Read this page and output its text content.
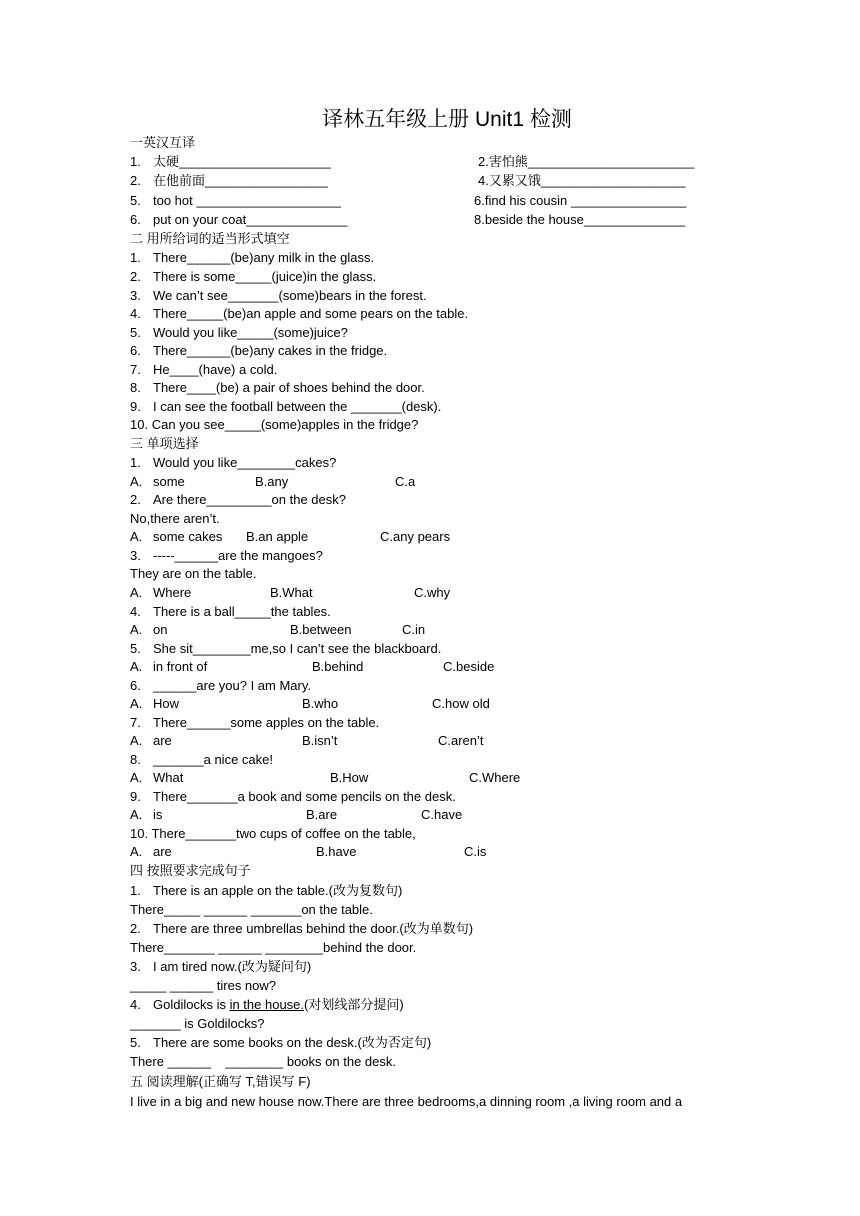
译林五年级上册 Unit1 检测
一英汉互译
1. 太硬_____________________	2.害怕熊_______________________
2. 在他前面_________________	4.又累又饿____________________
5. too hot ____________________	6.find his cousin ________________
6. put on your coat______________	8.beside the house______________
二 用所给词的适当形式填空
1. There______(be)any milk in the glass.
2. There is some_____(juice)in the glass.
3. We can’t see_______(some)bears in the forest.
4. There_____(be)an apple and some pears on the table.
5. Would you like_____(some)juice?
6. There______(be)any cakes in the fridge.
7. He____(have) a cold.
8. There____(be) a pair of shoes behind the door.
9. I can see the football between the _______(desk).
10. Can you see_____(some)apples in the fridge?
三 单项选择
1. Would you like________cakes?
A. some	B.any	C.a
2. Are there_________on the desk?
No,there aren’t.
A. some cakes B.an apple	C.any pears
3. -----______are the mangoes?
They are on the table.
A. Where	B.What	C.why
4. There is a ball_____the tables.
A. on	B.between	C.in
5. She sit________me,so I can’t see the blackboard.
A. in front of	B.behind	C.beside
6. ______are you? I am Mary.
A. How	B.who	C.how old
7. There______some apples on the table.
A. are	B.isn’t	C.aren’t
8. _______a nice cake!
A. What	B.How	C.Where
9. There_______a book and some pencils on the desk.
A. is	B.are	C.have
10. There_______two cups of coffee on the table,
A. are	B.have	C.is
四 按照要求完成句子
1. There is an apple on the table.(改为复数句)
There_____ ______ _______on the table.
2. There are three umbrellas behind the door.(改为单数句)
There_______ ______ ________behind the door.
3. I am tired now.(改为疑问句)
_____ ______ tires now?
4. Goldilocks is in the house.(对划线部分提问)
_______ is Goldilocks?
5. There are some books on the desk.(改为否定句)
There ______    ________ books on the desk.
五 阅读理解(正确写 T,错误写 F)
I live in a big and new house now.There are three bedrooms,a dinning room ,a living room and a
